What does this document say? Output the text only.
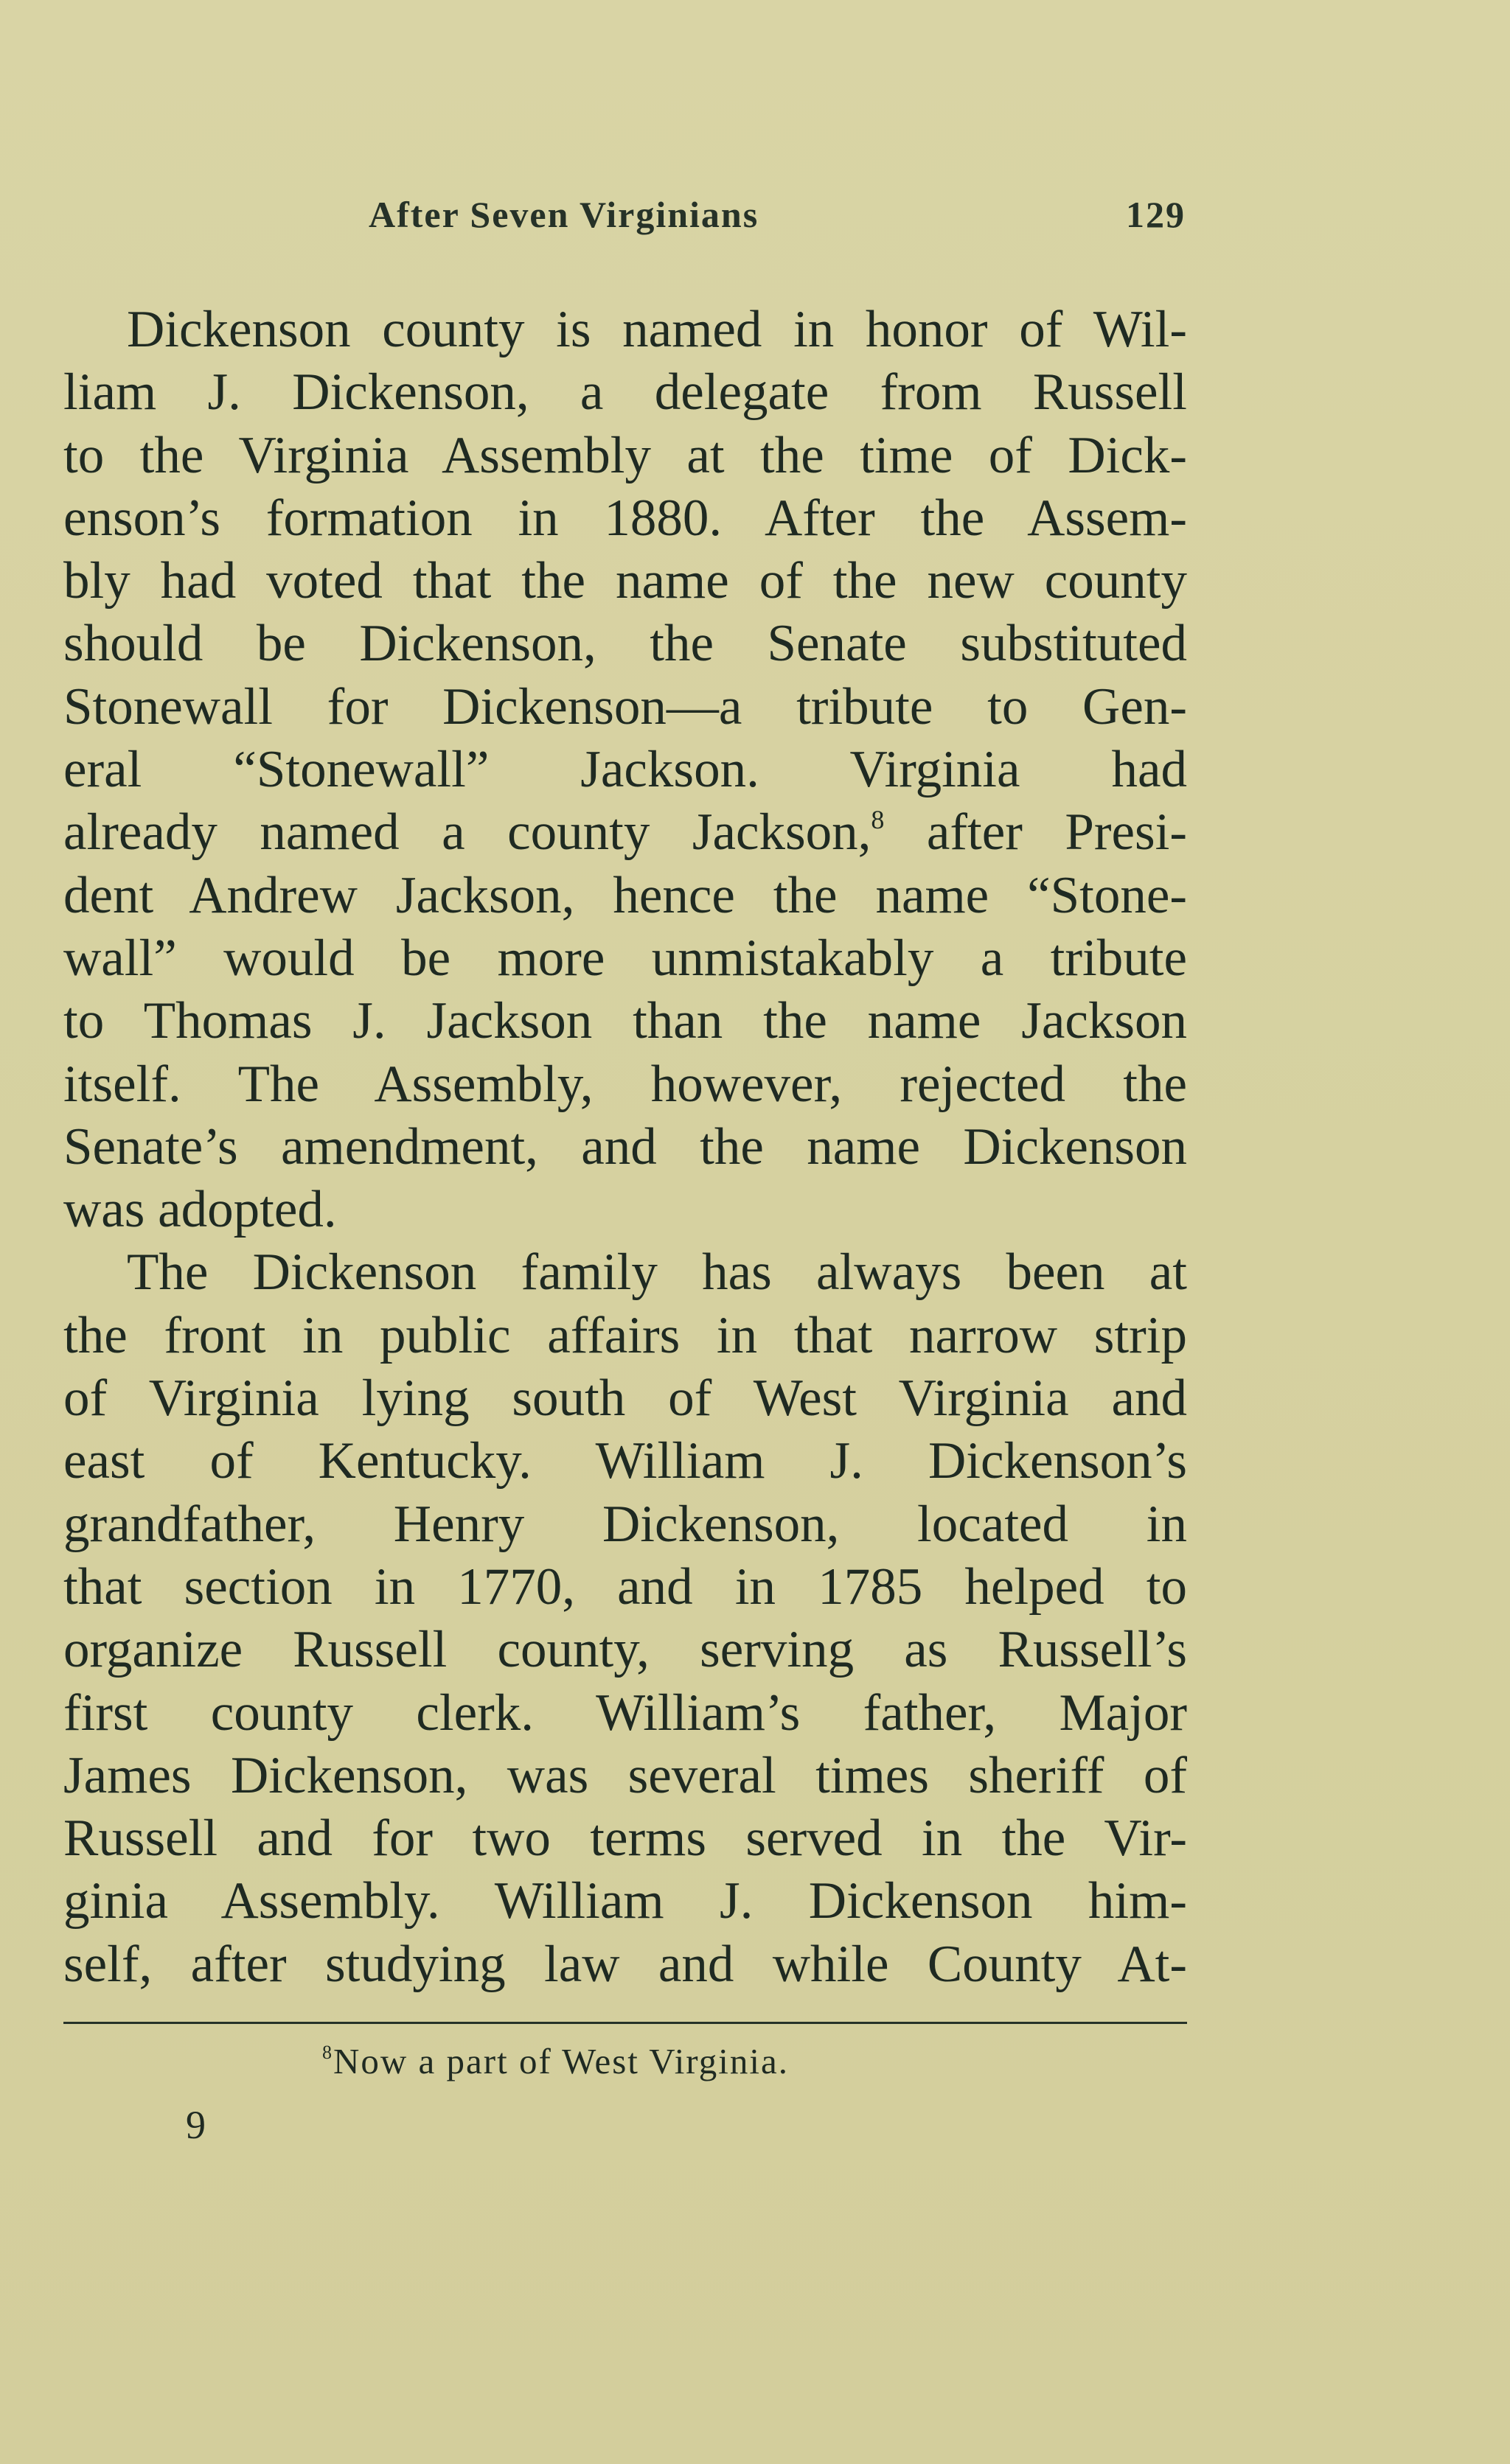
After Seven Virginians	129
Dickenson county is named in honor of Wil-
liam J. Dickenson, a delegate from Russell
to the Virginia Assembly at the time of Dick-
enson’s formation in 1880. After the Assem-
bly had voted that the name of the new county
should be Dickenson, the Senate substituted
Stonewall for Dickenson—a tribute to Gen-
eral “Stonewall” Jackson. Virginia had
already named a county Jackson,$^8$ after Presi-
dent Andrew Jackson, hence the name “Stone-
wall” would be more unmistakably a tribute
to Thomas J. Jackson than the name Jackson
itself. The Assembly, however, rejected the
Senate’s amendment, and the name Dickenson
was adopted.
The Dickenson family has always been at
the front in public affairs in that narrow strip
of Virginia lying south of West Virginia and
east of Kentucky. William J. Dickenson’s
grandfather, Henry Dickenson, located in
that section in 1770, and in 1785 helped to
organize Russell county, serving as Russell’s
first county clerk. William’s father, Major
James Dickenson, was several times sheriff of
Russell and for two terms served in the Vir-
ginia Assembly. William J. Dickenson him-
self, after studying law and while County At-
$^8$Now a part of West Virginia.
9
